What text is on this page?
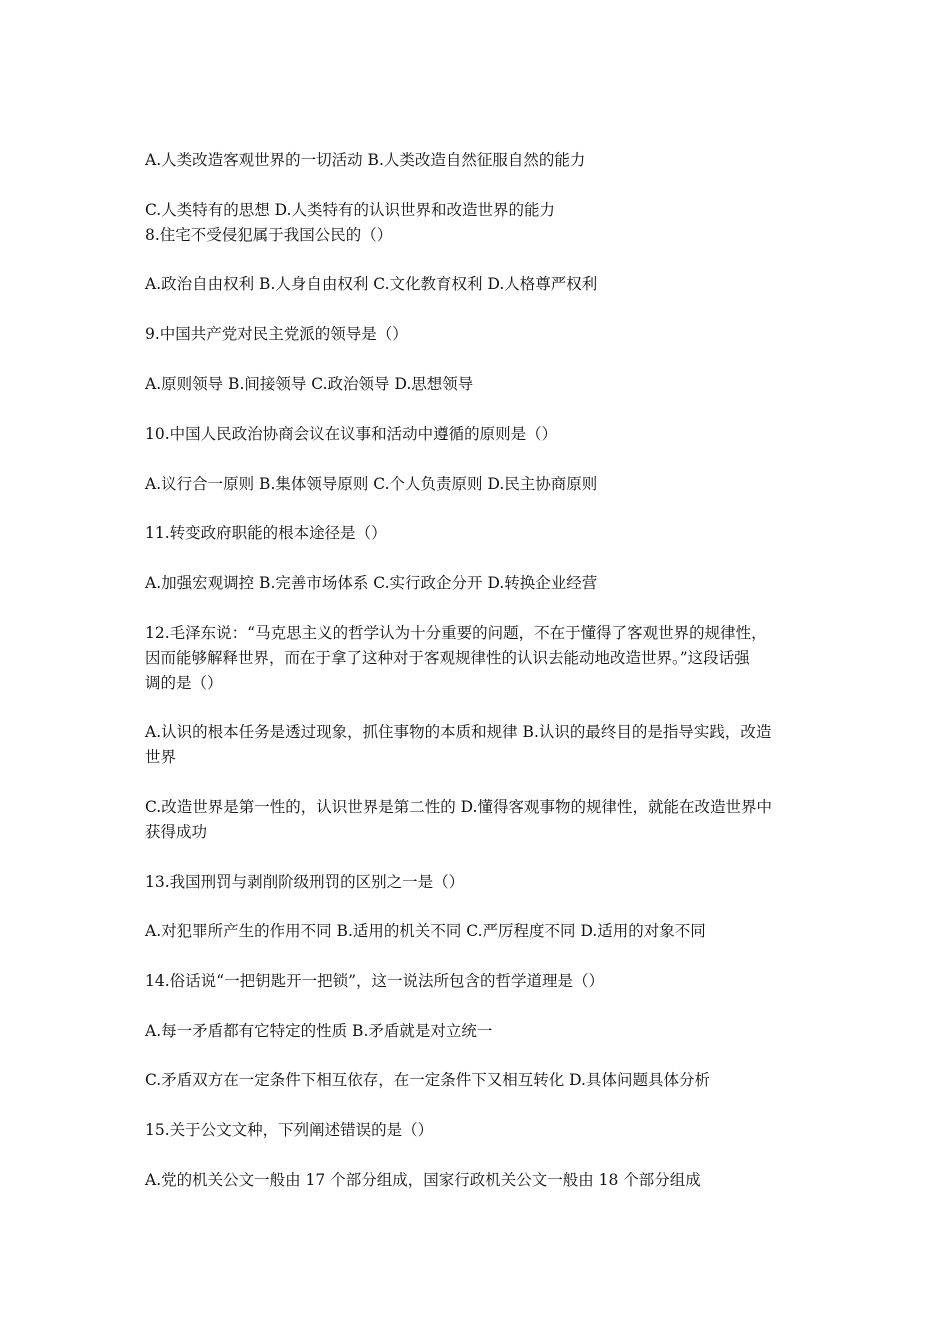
A.人类改造客观世界的一切活动 B.人类改造自然征服自然的能力
C.人类特有的思想 D.人类特有的认识世界和改造世界的能力
8.住宅不受侵犯属于我国公民的（）
A.政治自由权利 B.人身自由权利 C.文化教育权利 D.人格尊严权利
9.中国共产党对民主党派的领导是（）
A.原则领导 B.间接领导 C.政治领导 D.思想领导
10.中国人民政治协商会议在议事和活动中遵循的原则是（）
A.议行合一原则 B.集体领导原则 C.个人负责原则 D.民主协商原则
11.转变政府职能的根本途径是（）
A.加强宏观调控 B.完善市场体系 C.实行政企分开 D.转换企业经营
12.毛泽东说：“马克思主义的哲学认为十分重要的问题，不在于懂得了客观世界的规律性，
因而能够解释世界，而在于拿了这种对于客观规律性的认识去能动地改造世界。”这段话强
调的是（）
A.认识的根本任务是透过现象，抓住事物的本质和规律 B.认识的最终目的是指导实践，改造
世界
C.改造世界是第一性的，认识世界是第二性的 D.懂得客观事物的规律性，就能在改造世界中
获得成功
13.我国刑罚与剥削阶级刑罚的区别之一是（）
A.对犯罪所产生的作用不同 B.适用的机关不同 C.严厉程度不同 D.适用的对象不同
14.俗话说“一把钥匙开一把锁”，这一说法所包含的哲学道理是（）
A.每一矛盾都有它特定的性质 B.矛盾就是对立统一
C.矛盾双方在一定条件下相互依存，在一定条件下又相互转化 D.具体问题具体分析
15.关于公文文种，下列阐述错误的是（）
A.党的机关公文一般由 17 个部分组成，国家行政机关公文一般由 18 个部分组成
